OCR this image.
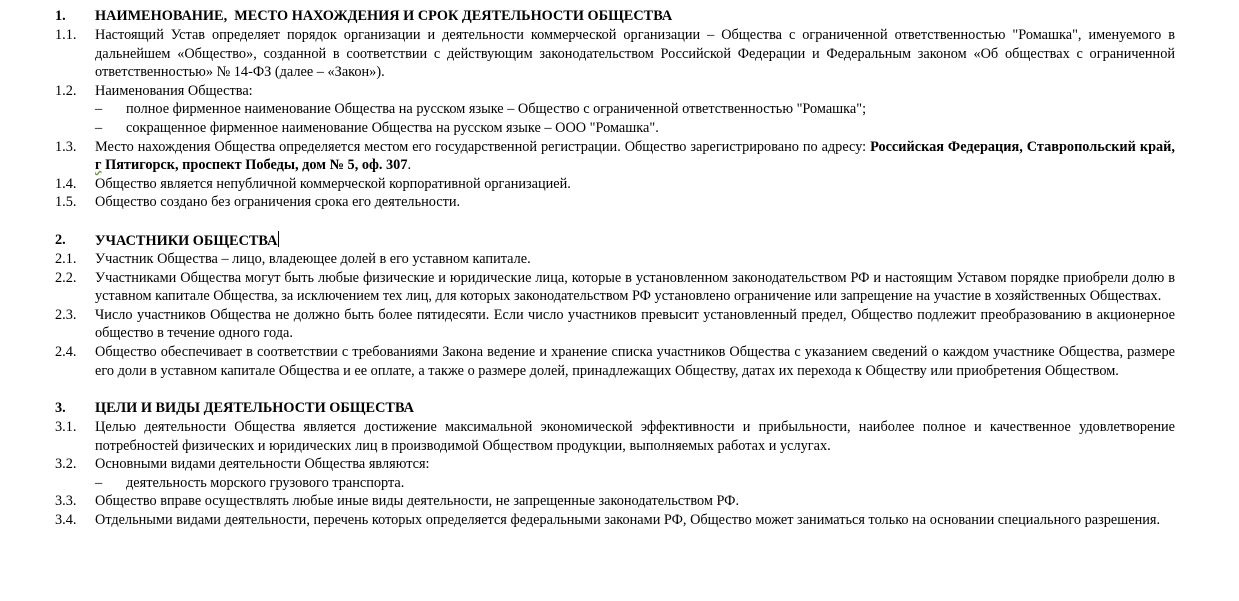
1. НАИМЕНОВАНИЕ,  МЕСТО НАХОЖДЕНИЯ И СРОК ДЕЯТЕЛЬНОСТИ ОБЩЕСТВА
1.1. Настоящий Устав определяет порядок организации и деятельности коммерческой организации – Общества с ограниченной ответственностью "Ромашка", именуемого в дальнейшем «Общество», созданной в соответствии с действующим законодательством Российской Федерации и Федеральным законом «Об обществах с ограниченной ответственностью» № 14-ФЗ (далее – «Закон»).
1.2. Наименования Общества:
– полное фирменное наименование Общества на русском языке – Общество с ограниченной ответственностью "Ромашка";
– сокращенное фирменное наименование Общества на русском языке – ООО "Ромашка".
1.3. Место нахождения Общества определяется местом его государственной регистрации. Общество зарегистрировано по адресу: Российская Федерация, Ставропольский край, г Пятигорск, проспект Победы, дом № 5, оф. 307.
1.4. Общество является непубличной коммерческой корпоративной организацией.
1.5. Общество создано без ограничения срока его деятельности.
2. УЧАСТНИКИ ОБЩЕСТВА
2.1. Участник Общества – лицо, владеющее долей в его уставном капитале.
2.2. Участниками Общества могут быть любые физические и юридические лица, которые в установленном законодательством РФ и настоящим Уставом порядке приобрели долю в уставном капитале Общества, за исключением тех лиц, для которых законодательством РФ установлено ограничение или запрещение на участие в хозяйственных Обществах.
2.3. Число участников Общества не должно быть более пятидесяти. Если число участников превысит установленный предел, Общество подлежит преобразованию в акционерное общество в течение одного года.
2.4. Общество обеспечивает в соответствии с требованиями Закона ведение и хранение списка участников Общества с указанием сведений о каждом участнике Общества, размере его доли в уставном капитале Общества и ее оплате, а также о размере долей, принадлежащих Обществу, датах их перехода к Обществу или приобретения Обществом.
3. ЦЕЛИ И ВИДЫ ДЕЯТЕЛЬНОСТИ ОБЩЕСТВА
3.1. Целью деятельности Общества является достижение максимальной экономической эффективности и прибыльности, наиболее полное и качественное удовлетворение потребностей физических и юридических лиц в производимой Обществом продукции, выполняемых работах и услугах.
3.2. Основными видами деятельности Общества являются:
– деятельность морского грузового транспорта.
3.3. Общество вправе осуществлять любые иные виды деятельности, не запрещенные законодательством РФ.
3.4. Отдельными видами деятельности, перечень которых определяется федеральными законами РФ, Общество может заниматься только на основании специального разрешения.
